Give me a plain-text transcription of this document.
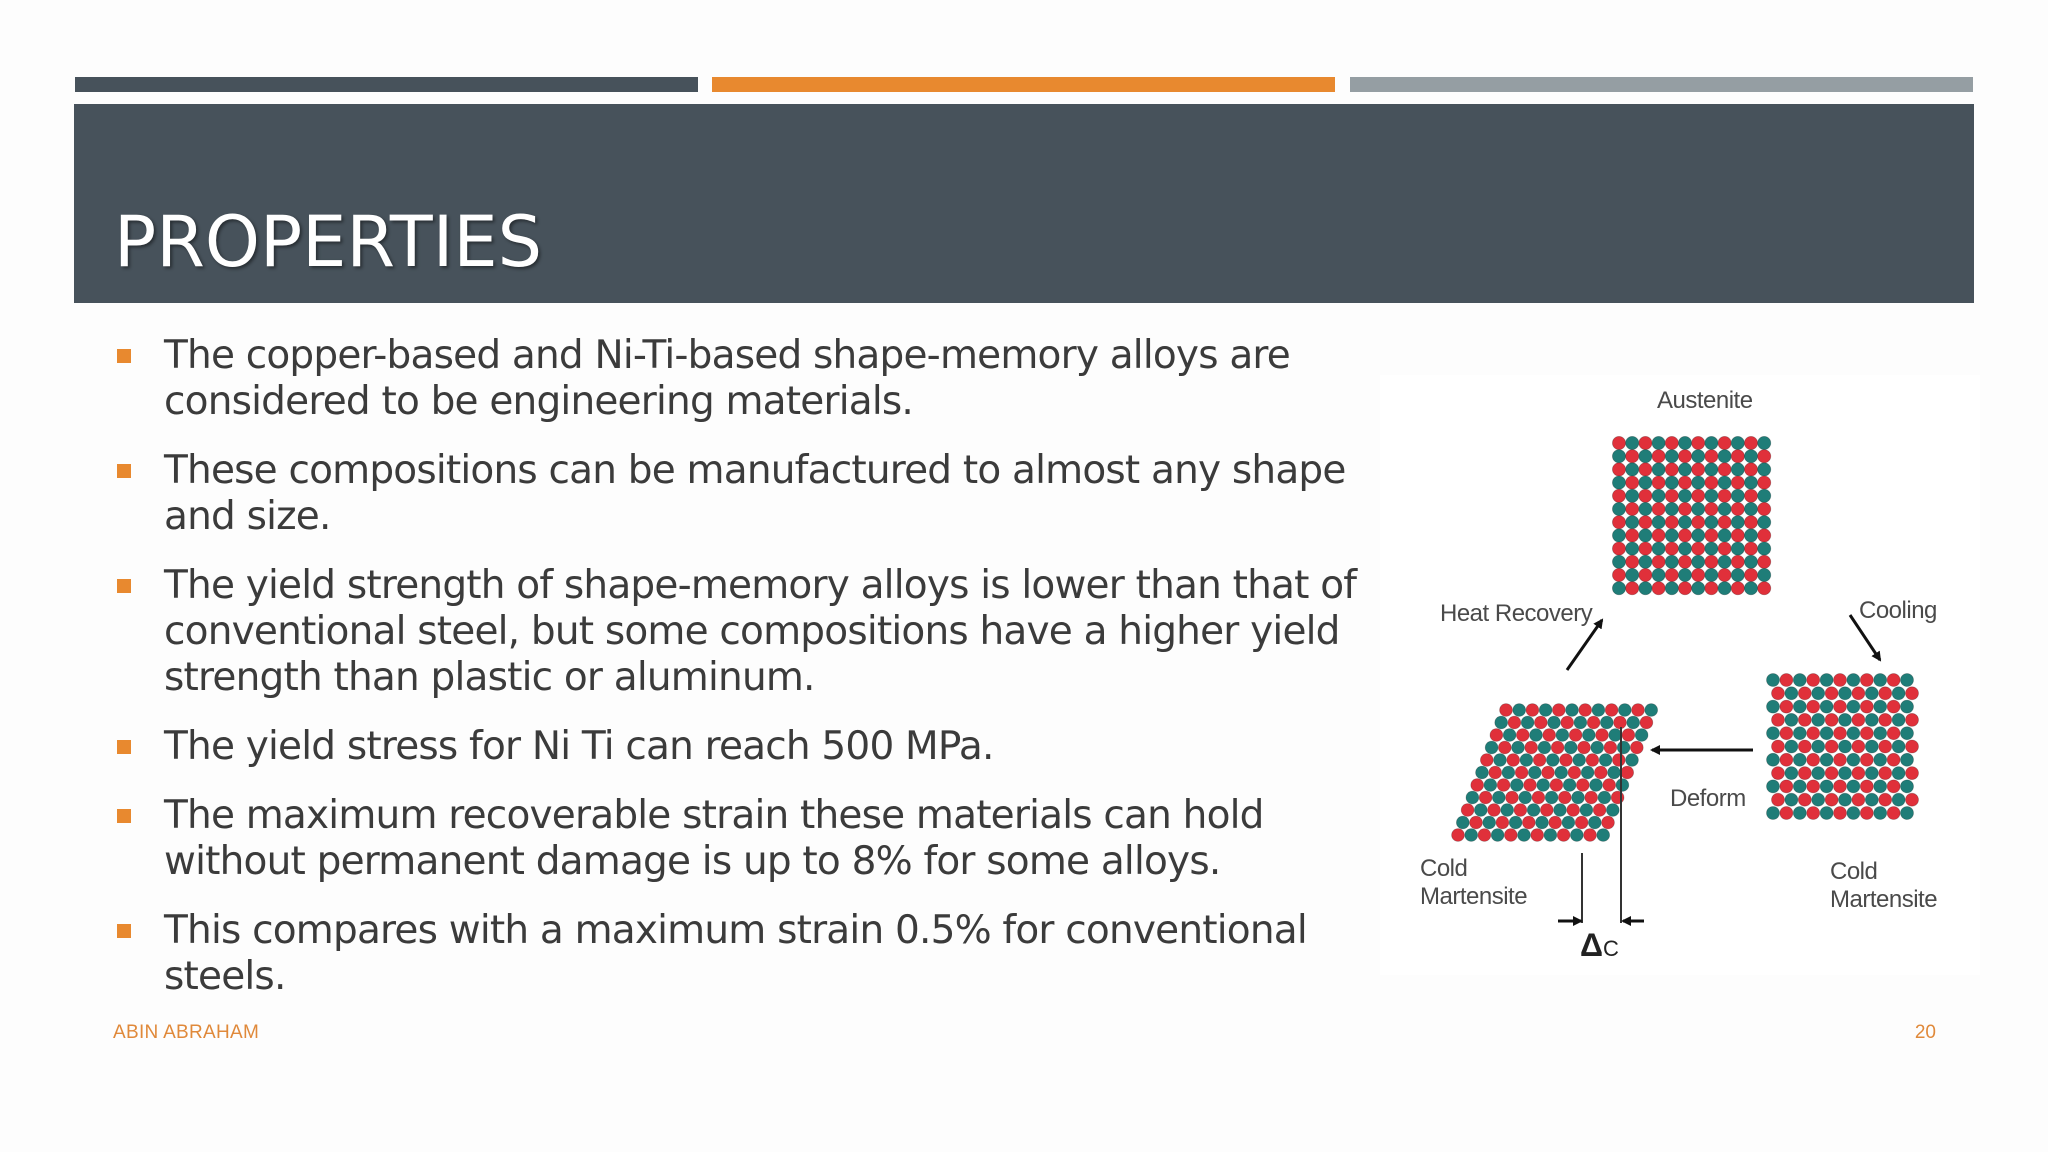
PROPERTIES
The copper-based and Ni-Ti-based shape-memory alloys are considered to be engineering materials.
These compositions can be manufactured to almost any shape and size.
The yield strength of shape-memory alloys is lower than that of conventional steel, but some compositions have a higher yield strength than plastic or aluminum.
The yield stress for Ni Ti can reach 500 MPa.
The maximum recoverable strain these materials can hold without permanent damage is up to 8% for some alloys.
This compares with a maximum strain 0.5% for conventional steels.
Austenite
Heat Recovery	Cooling
Deform
Cold
Martensite
Cold
Martensite
ΔC
ABIN ABRAHAM	20
